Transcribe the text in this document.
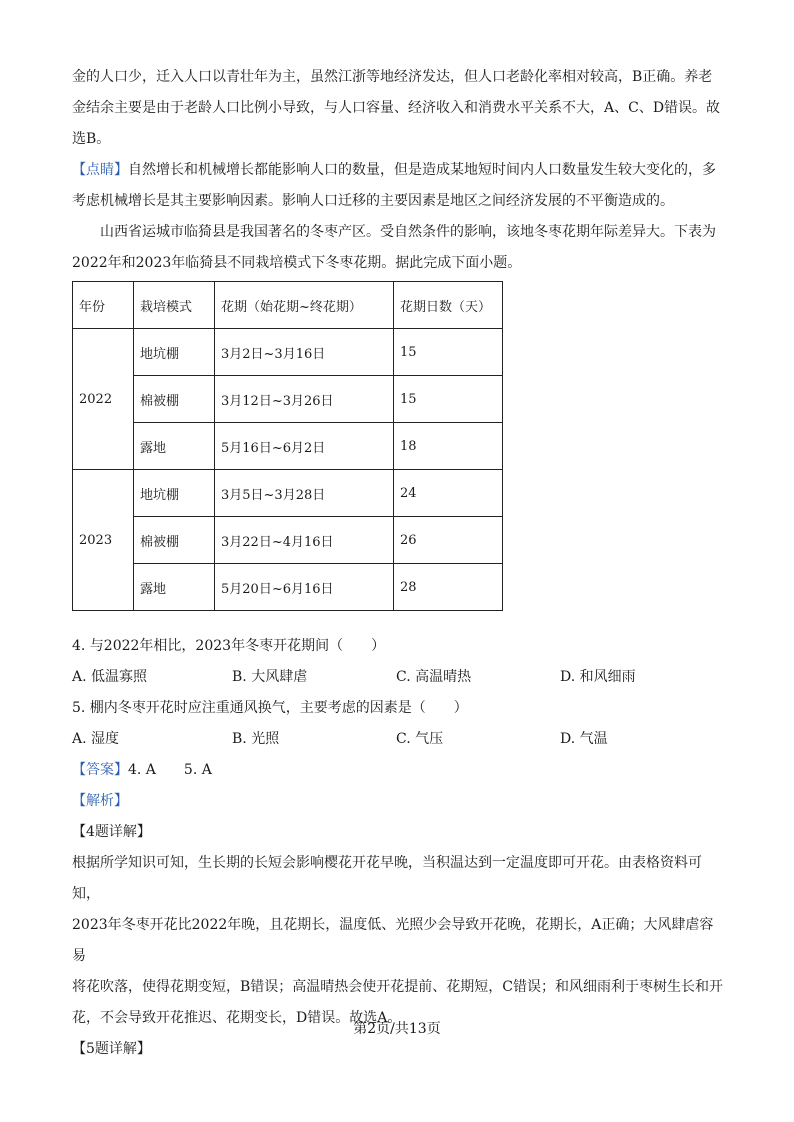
金的人口少，迁入人口以青壮年为主，虽然江浙等地经济发达，但人口老龄化率相对较高，B正确。养老

金结余主要是由于老龄人口比例小导致，与人口容量、经济收入和消费水平关系不大，A、C、D错误。故

选B。

【点睛】自然增长和机械增长都能影响人口的数量，但是造成某地短时间内人口数量发生较大变化的，多

考虑机械增长是其主要影响因素。影响人口迁移的主要因素是地区之间经济发展的不平衡造成的。

山西省运城市临猗县是我国著名的冬枣产区。受自然条件的影响，该地冬枣花期年际差异大。下表为

2022年和2023年临猗县不同栽培模式下冬枣花期。据此完成下面小题。

年份	栽培模式	花期（始花期~终花期）	花期日数（天）
2022	地坑棚	3月2日~3月16日	15
	棉被棚	3月12日~3月26日	15
	露地	5月16日~6月2日	18
2023	地坑棚	3月5日~3月28日	24
	棉被棚	3月22日~4月16日	26
	露地	5月20日~6月16日	28

4. 与2022年相比，2023年冬枣开花期间（　　）

A. 低温寡照	B. 大风肆虐	C. 高温晴热	D. 和风细雨

5. 棚内冬枣开花时应注重通风换气，主要考虑的因素是（　　）

A. 湿度	B. 光照	C. 气压	D. 气温

【答案】4. A　　5. A

【解析】

【4题详解】

根据所学知识可知，生长期的长短会影响樱花开花早晚，当积温达到一定温度即可开花。由表格资料可知，

2023年冬枣开花比2022年晚，且花期长，温度低、光照少会导致开花晚，花期长，A正确；大风肆虐容易

将花吹落，使得花期变短，B错误；高温晴热会使开花提前、花期短，C错误；和风细雨利于枣树生长和开

花，不会导致开花推迟、花期变长，D错误。故选A。

【5题详解】

第2页/共13页
